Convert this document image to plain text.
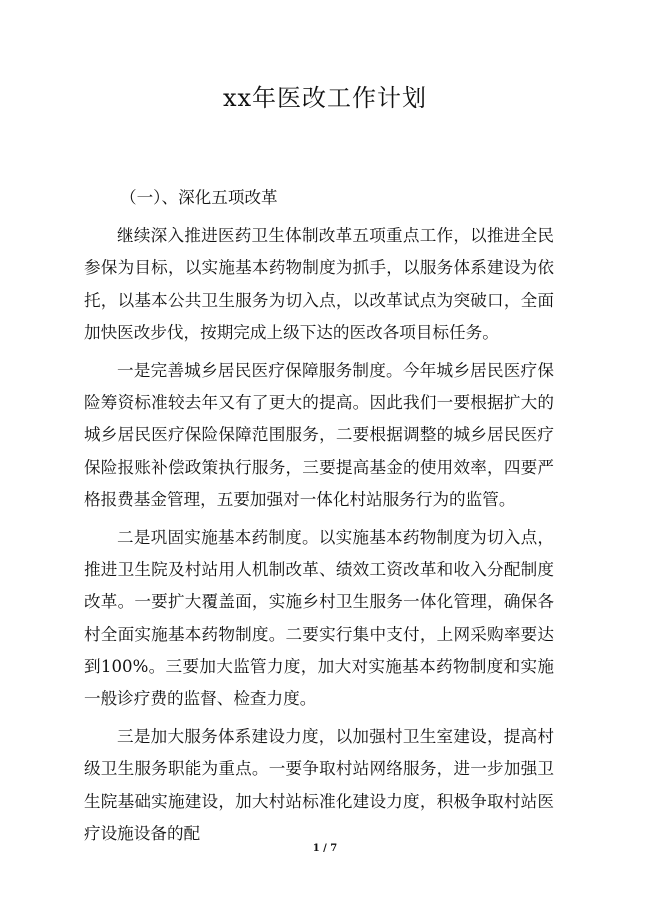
xx年医改工作计划

（一）、深化五项改革

继续深入推进医药卫生体制改革五项重点工作，以推进全民参保为目标，以实施基本药物制度为抓手，以服务体系建设为依托，以基本公共卫生服务为切入点，以改革试点为突破口，全面加快医改步伐，按期完成上级下达的医改各项目标任务。

一是完善城乡居民医疗保障服务制度。今年城乡居民医疗保险筹资标准较去年又有了更大的提高。因此我们一要根据扩大的城乡居民医疗保险保障范围服务，二要根据调整的城乡居民医疗保险报账补偿政策执行服务，三要提高基金的使用效率，四要严格报费基金管理，五要加强对一体化村站服务行为的监管。

二是巩固实施基本药制度。以实施基本药物制度为切入点，推进卫生院及村站用人机制改革、绩效工资改革和收入分配制度改革。一要扩大覆盖面，实施乡村卫生服务一体化管理，确保各村全面实施基本药物制度。二要实行集中支付，上网采购率要达到100%。三要加大监管力度，加大对实施基本药物制度和实施一般诊疗费的监督、检查力度。

三是加大服务体系建设力度，以加强村卫生室建设，提高村级卫生服务职能为重点。一要争取村站网络服务，进一步加强卫生院基础实施建设，加大村站标准化建设力度，积极争取村站医疗设施设备的配

1 / 7
